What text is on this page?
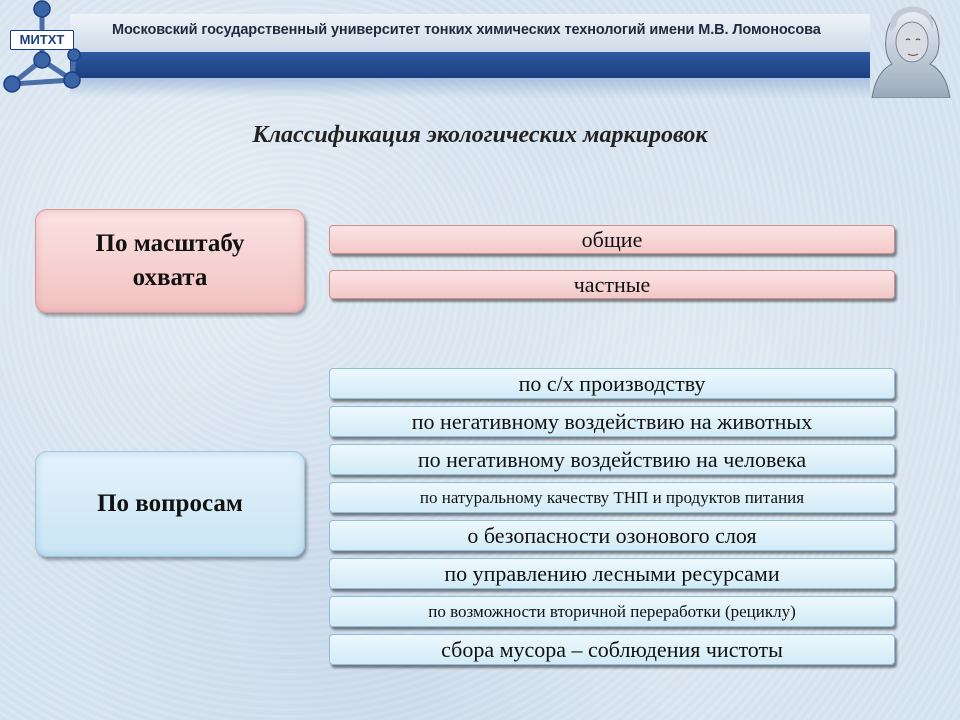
МИТХТ
Московский государственный университет тонких химических технологий имени М.В. Ломоносова
Классификация экологических маркировок
По масштабу
охвата
общие
частные
По вопросам
по с/х производству
по негативному воздействию на животных
по негативному воздействию на человека
по натуральному качеству ТНП и продуктов питания
о безопасности озонового слоя
по управлению лесными ресурсами
по возможности вторичной переработки (рециклу)
сбора мусора – соблюдения чистоты
